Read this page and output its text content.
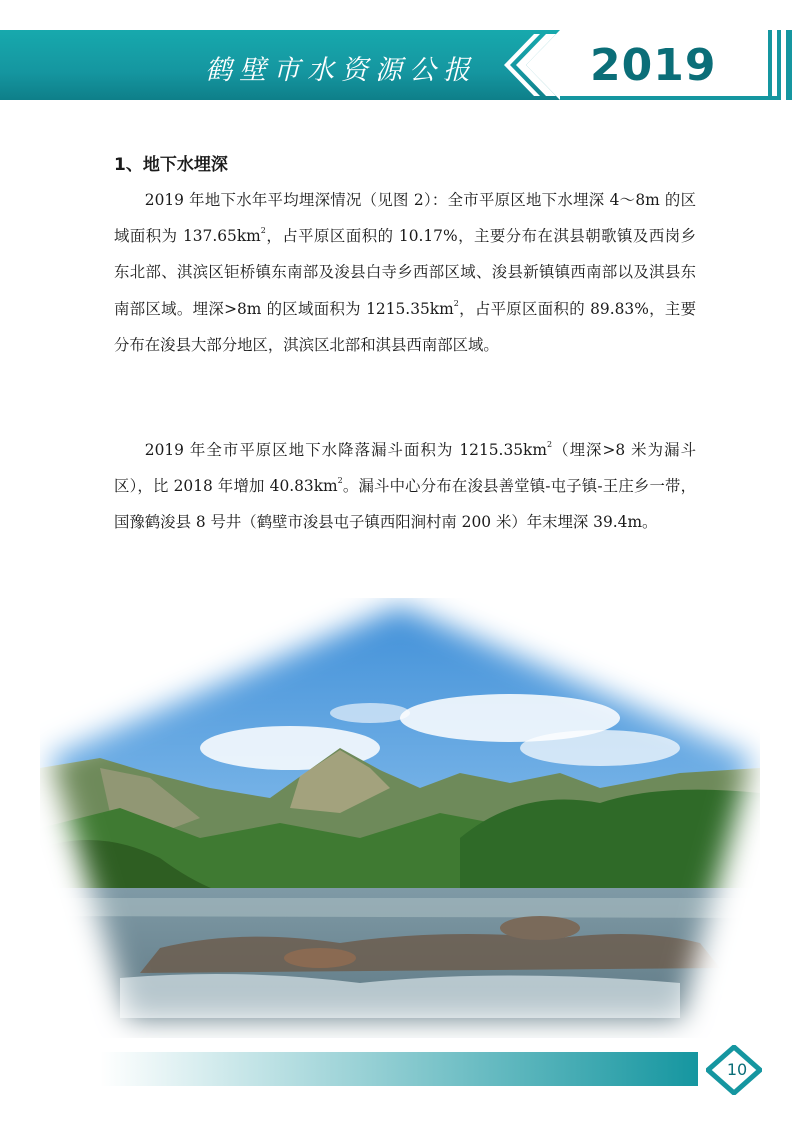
鹤壁市水资源公报	2019
1、地下水埋深

2019 年地下水年平均埋深情况（见图 2）：全市平原区地下水埋深 4～8m 的区域面积为 $137.65km^2$，占平原区面积的 10.17%，主要分布在淇县朝歌镇及西岗乡东北部、淇滨区钜桥镇东南部及浚县白寺乡西部区域、浚县新镇镇西南部以及淇县东南部区域。埋深>8m 的区域面积为 $1215.35km^2$，占平原区面积的 89.83%，主要分布在浚县大部分地区，淇滨区北部和淇县西南部区域。

2019 年全市平原区地下水降落漏斗面积为 $1215.35km^2$（埋深>8 米为漏斗区），比 2018 年增加 $40.83km^2$。漏斗中心分布在浚县善堂镇-屯子镇-王庄乡一带，国豫鹤浚县 8 号井（鹤壁市浚县屯子镇西阳涧村南 200 米）年末埋深 39.4m。

10
